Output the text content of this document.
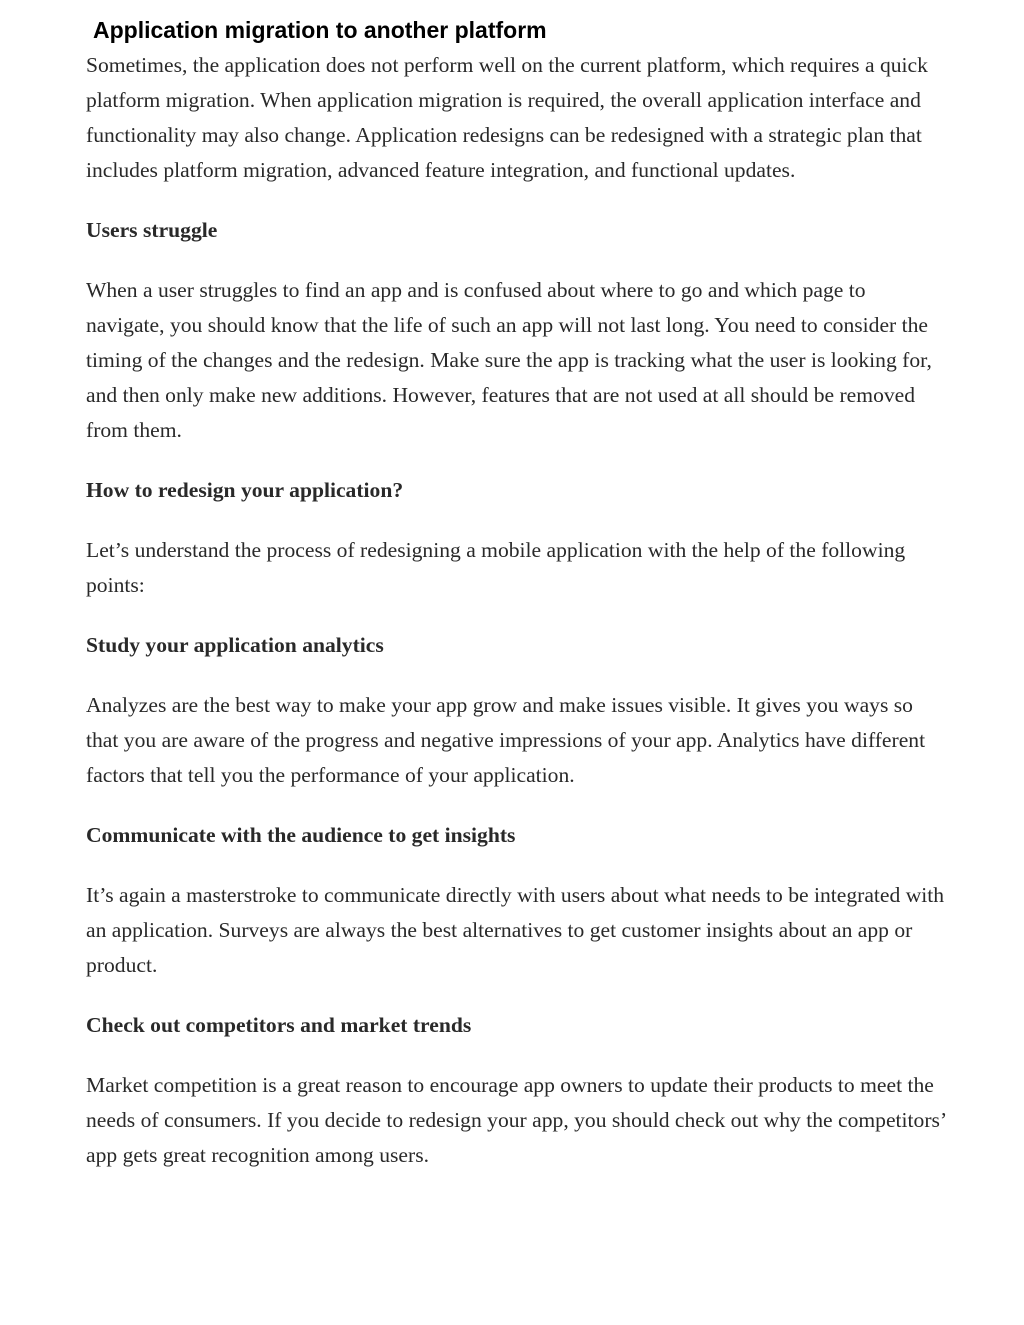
Application migration to another platform

Sometimes, the application does not perform well on the current platform, which requires a quick platform migration. When application migration is required, the overall application interface and functionality may also change. Application redesigns can be redesigned with a strategic plan that includes platform migration, advanced feature integration, and functional updates.

Users struggle

When a user struggles to find an app and is confused about where to go and which page to navigate, you should know that the life of such an app will not last long. You need to consider the timing of the changes and the redesign. Make sure the app is tracking what the user is looking for, and then only make new additions. However, features that are not used at all should be removed from them.

How to redesign your application?

Let’s understand the process of redesigning a mobile application with the help of the following points:

Study your application analytics

Analyzes are the best way to make your app grow and make issues visible. It gives you ways so that you are aware of the progress and negative impressions of your app. Analytics have different factors that tell you the performance of your application.

Communicate with the audience to get insights

It’s again a masterstroke to communicate directly with users about what needs to be integrated with an application. Surveys are always the best alternatives to get customer insights about an app or product.

Check out competitors and market trends

Market competition is a great reason to encourage app owners to update their products to meet the needs of consumers. If you decide to redesign your app, you should check out why the competitors’ app gets great recognition among users.
